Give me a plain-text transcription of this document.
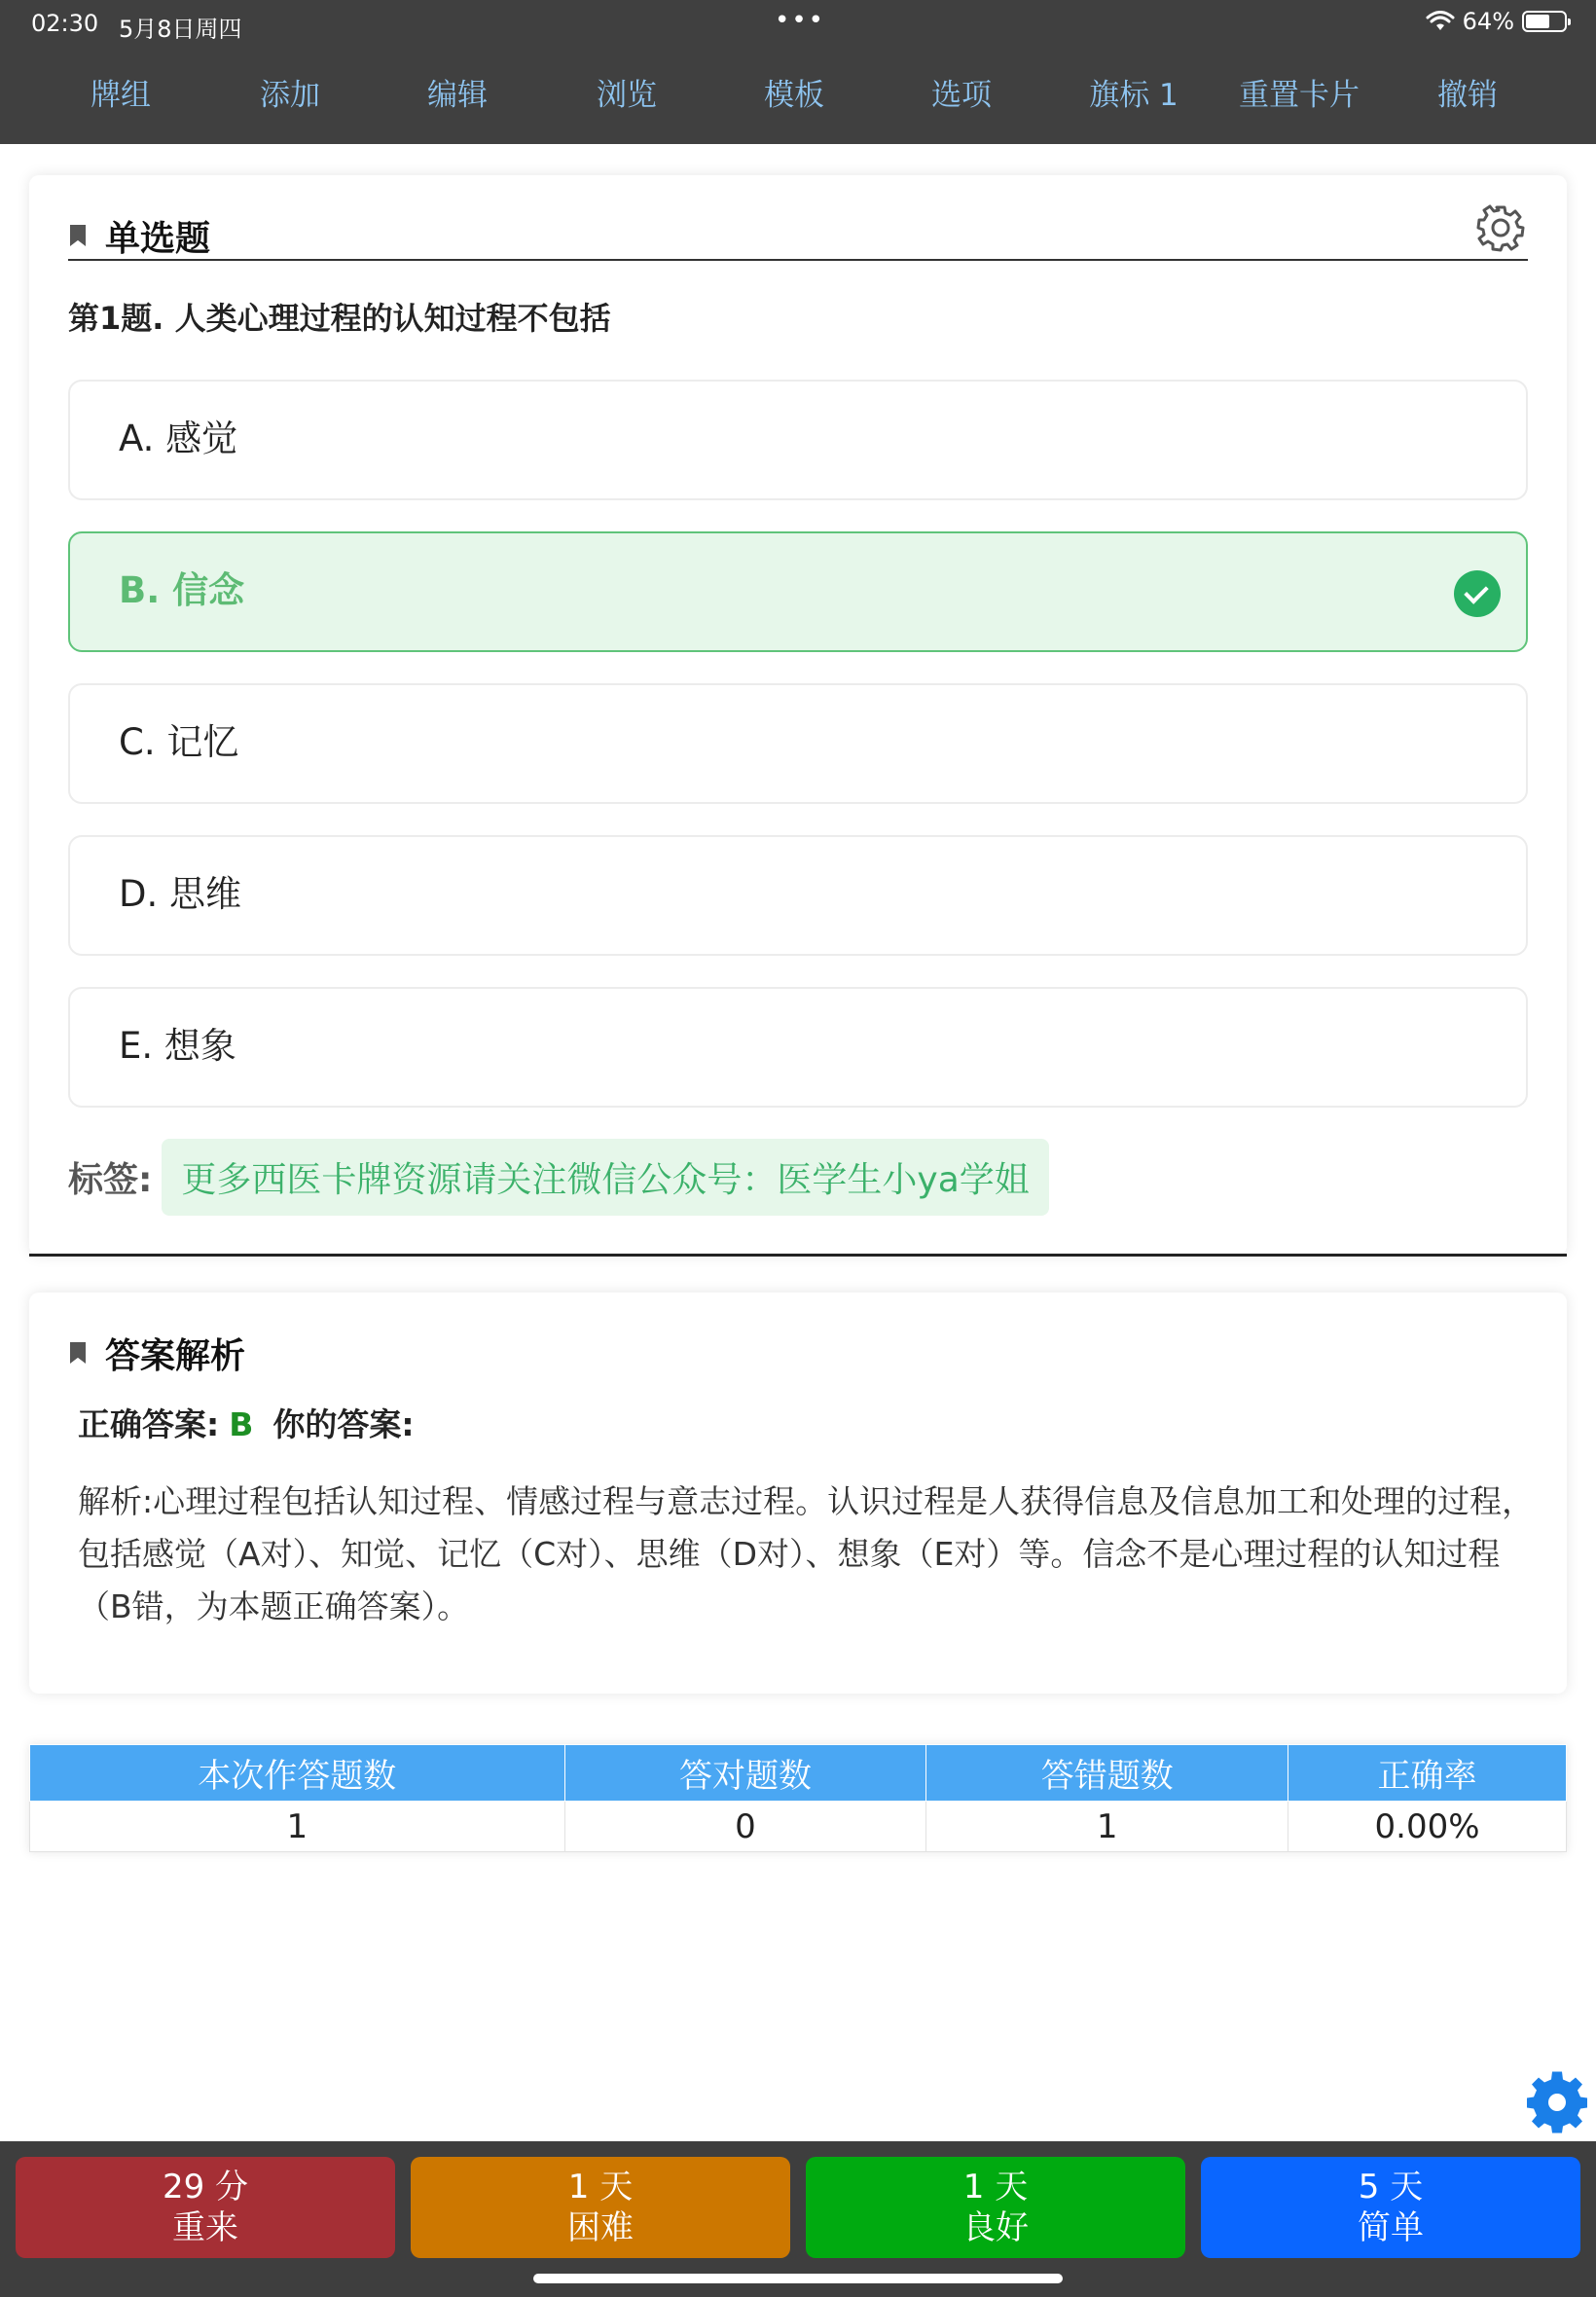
02:30 5月8日周四	•••	64%
牌组	添加	编辑	浏览	模板	选项	旗标 1 重置卡片	撤销
单选题
第1题. 人类心理过程的认知过程不包括
A. 感觉
B. 信念
C. 记忆
D. 思维
E. 想象
标签: 更多西医卡牌资源请关注微信公众号：医学生小ya学姐
答案解析
正确答案: B 你的答案:
解析:心理过程包括认知过程、情感过程与意志过程。认识过程是人获得信息及信息加工和处理的过程，包括感觉（A对）、知觉、记忆（C对）、思维（D对）、想象（E对）等。信念不是心理过程的认知过程（B错，为本题正确答案）。
本次作答题数	答对题数	答错题数	正确率
1	0	1	0.00%
29 分
重来
1 天
困难
1 天
良好
5 天
简单
